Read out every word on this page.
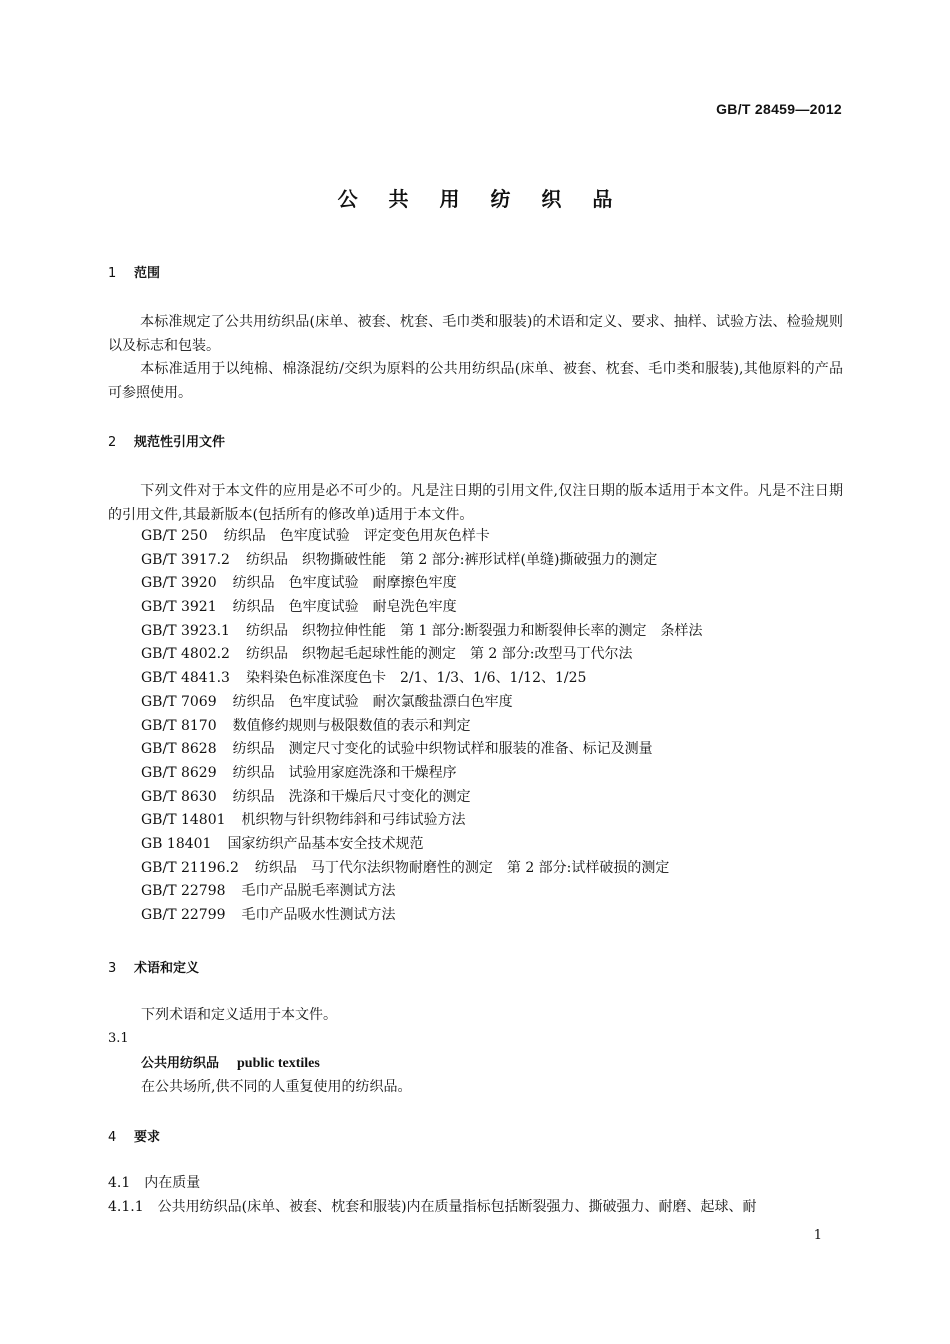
GB/T 28459—2012
公 共 用 纺 织 品
1 范围
本标准规定了公共用纺织品(床单、被套、枕套、毛巾类和服装)的术语和定义、要求、抽样、试验方法、检验规则以及标志和包装。
本标准适用于以纯棉、棉涤混纺/交织为原料的公共用纺织品(床单、被套、枕套、毛巾类和服装),其他原料的产品可参照使用。
2 规范性引用文件
下列文件对于本文件的应用是必不可少的。凡是注日期的引用文件,仅注日期的版本适用于本文件。凡是不注日期的引用文件,其最新版本(包括所有的修改单)适用于本文件。
GB/T 250 纺织品　色牢度试验　评定变色用灰色样卡
GB/T 3917.2 纺织品　织物撕破性能　第 2 部分:裤形试样(单缝)撕破强力的测定
GB/T 3920 纺织品　色牢度试验　耐摩擦色牢度
GB/T 3921 纺织品　色牢度试验　耐皂洗色牢度
GB/T 3923.1 纺织品　织物拉伸性能　第 1 部分:断裂强力和断裂伸长率的测定　条样法
GB/T 4802.2 纺织品　织物起毛起球性能的测定　第 2 部分:改型马丁代尔法
GB/T 4841.3 染料染色标准深度色卡　2/1、1/3、1/6、1/12、1/25
GB/T 7069 纺织品　色牢度试验　耐次氯酸盐漂白色牢度
GB/T 8170 数值修约规则与极限数值的表示和判定
GB/T 8628 纺织品　测定尺寸变化的试验中织物试样和服装的准备、标记及测量
GB/T 8629 纺织品　试验用家庭洗涤和干燥程序
GB/T 8630 纺织品　洗涤和干燥后尺寸变化的测定
GB/T 14801 机织物与针织物纬斜和弓纬试验方法
GB 18401 国家纺织产品基本安全技术规范
GB/T 21196.2 纺织品　马丁代尔法织物耐磨性的测定　第 2 部分:试样破损的测定
GB/T 22798 毛巾产品脱毛率测试方法
GB/T 22799 毛巾产品吸水性测试方法
3 术语和定义
下列术语和定义适用于本文件。
3.1
公共用纺织品 public textiles
在公共场所,供不同的人重复使用的纺织品。
4 要求
4.1 内在质量
4.1.1 公共用纺织品(床单、被套、枕套和服装)内在质量指标包括断裂强力、撕破强力、耐磨、起球、耐
1
